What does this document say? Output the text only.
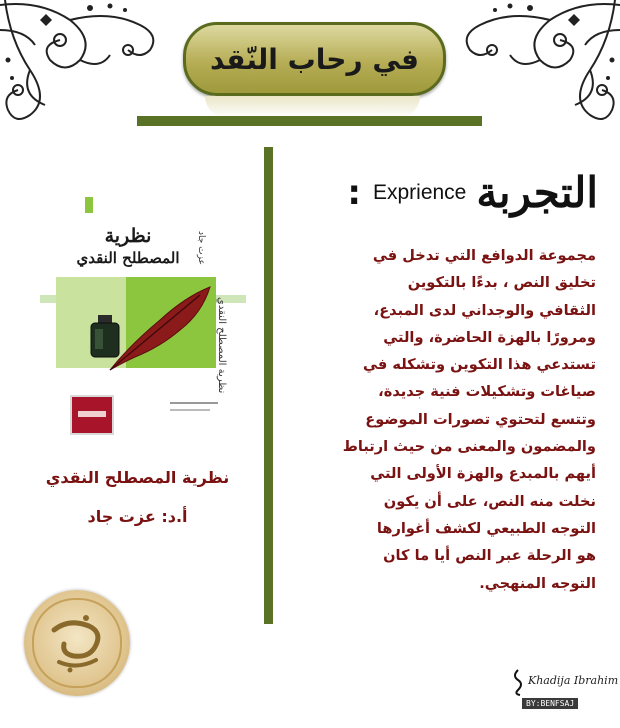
في رحاب النّقد
: Exprience التجربة
مجموعة الدوافع التي تدخل في
تخليق النص ، بدءًا بالتكوين
الثقافي والوجداني لدى المبدع،
ومرورًا بالهزة الحاضرة، والتي
تستدعي هذا التكوين وتشكله في
صياغات وتشكيلات فنية جديدة،
وتتسع لتحتوي تصورات الموضوع
والمضمون والمعنى من حيث ارتباط
أيهم بالمبدع والهزة الأولى التي
نخلت منه النص، على أن يكون
التوجه الطبيعي لكشف أغوارها
هو الرحلة عبر النص أيا ما كان
التوجه المنهجي.
نظرية
المصطلح النقدي	عزت جاد
نظرية المصطلح النقدي
نظرية المصطلح النقدي
أ.د: عزت جاد
Khadija Ibrahim
BY:BENFSAJ
